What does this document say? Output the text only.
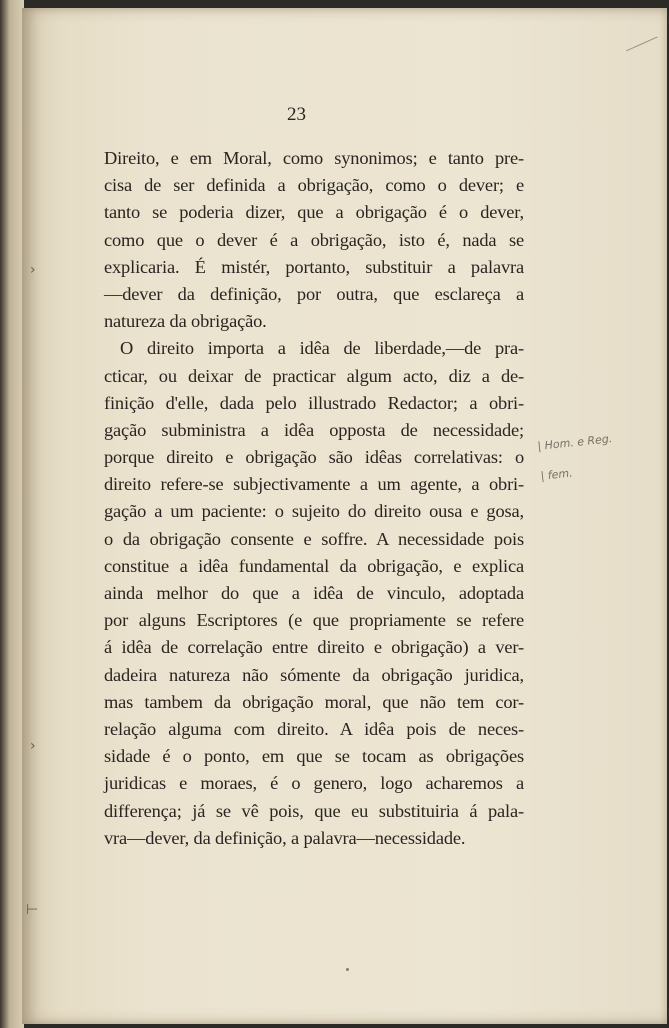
23
Direito, e em Moral, como synonimos; e tanto pre-
cisa de ser definida a obrigação, como o dever; e
tanto se poderia dizer, que a obrigação é o dever,
como que o dever é a obrigação, isto é, nada se
explicaria. É mistér, portanto, substituir a palavra
—dever da definição, por outra, que esclareça a
natureza da obrigação.
O direito importa a idêa de liberdade,—de pra-
cticar, ou deixar de practicar algum acto, diz a de-
finição d'elle, dada pelo illustrado Redactor; a obri-
gação subministra a idêa opposta de necessidade;
porque direito e obrigação são idêas correlativas: o
direito refere-se subjectivamente a um agente, a obri-
gação a um paciente: o sujeito do direito ousa e gosa,
o da obrigação consente e soffre. A necessidade pois
constitue a idêa fundamental da obrigação, e explica
ainda melhor do que a idêa de vinculo, adoptada
por alguns Escriptores (e que propriamente se refere
á idêa de correlação entre direito e obrigação) a ver-
dadeira natureza não sómente da obrigação juridica,
mas tambem da obrigação moral, que não tem cor-
relação alguma com direito. A idêa pois de neces-
sidade é o ponto, em que se tocam as obrigações
juridicas e moraes, é o genero, logo acharemos a
differença; já se vê pois, que eu substituiria á pala-
vra—dever, da definição, a palavra—necessidade.
| Hom. e Reg.
| fem.
›
›
⊢
